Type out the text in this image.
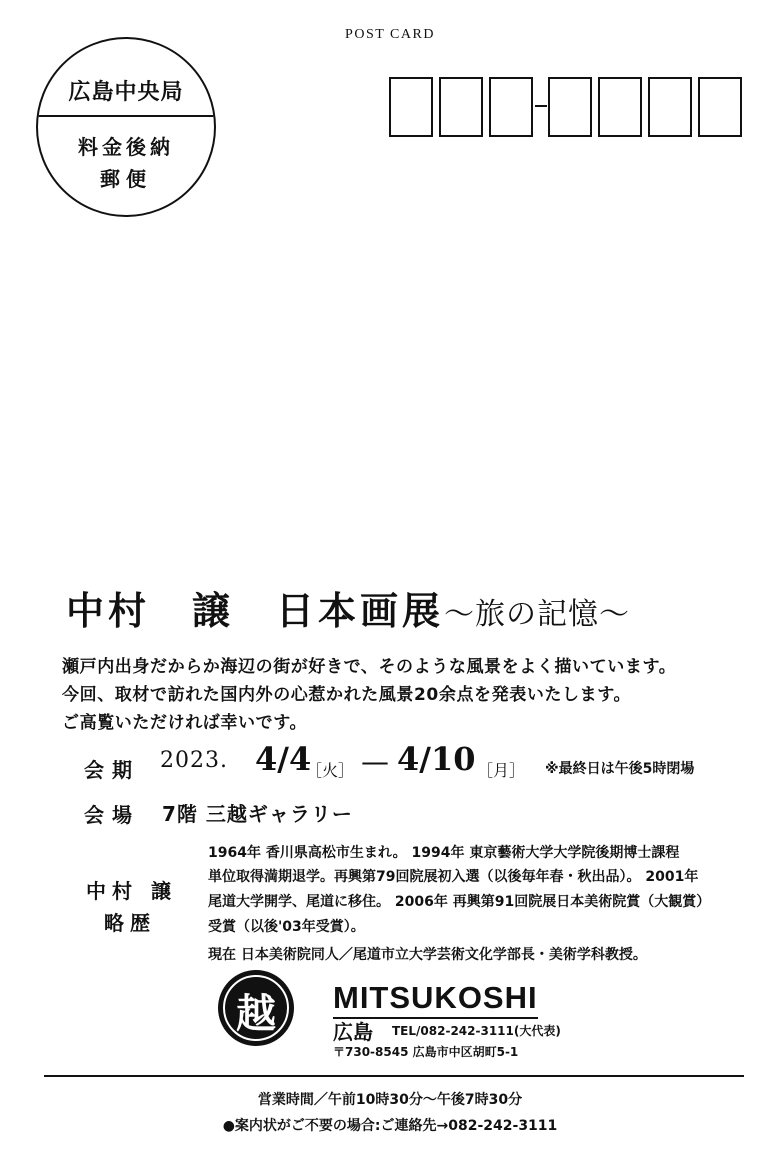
POST CARD
広島中央局
料金後納
郵便
中村　譲　日本画展～旅の記憶～
瀬戸内出身だからか海辺の街が好きで、そのような風景をよく描いています。
今回、取材で訪れた国内外の心惹かれた風景20余点を発表いたします。
ご高覧いただければ幸いです。
会期 2023. 4/4
［火］ — 4/10 ［月］ ※最終日は午後5時閉場
会場 7階 三越ギャラリー
中村 譲
略歴
1964年 香川県高松市生まれ。 1994年 東京藝術大学大学院後期博士課程
単位取得満期退学。再興第79回院展初入選（以後毎年春・秋出品）。 2001年
尾道大学開学、尾道に移住。 2006年 再興第91回院展日本美術院賞（大観賞）
受賞（以後'03年受賞）。
現在 日本美術院同人／尾道市立大学芸術文化学部長・美術学科教授。
越	MITSUKOSHI
広島 TEL/082-242-3111(大代表)
〒730-8545 広島市中区胡町5-1
営業時間／午前10時30分～午後7時30分
●案内状がご不要の場合:ご連絡先→082-242-3111
